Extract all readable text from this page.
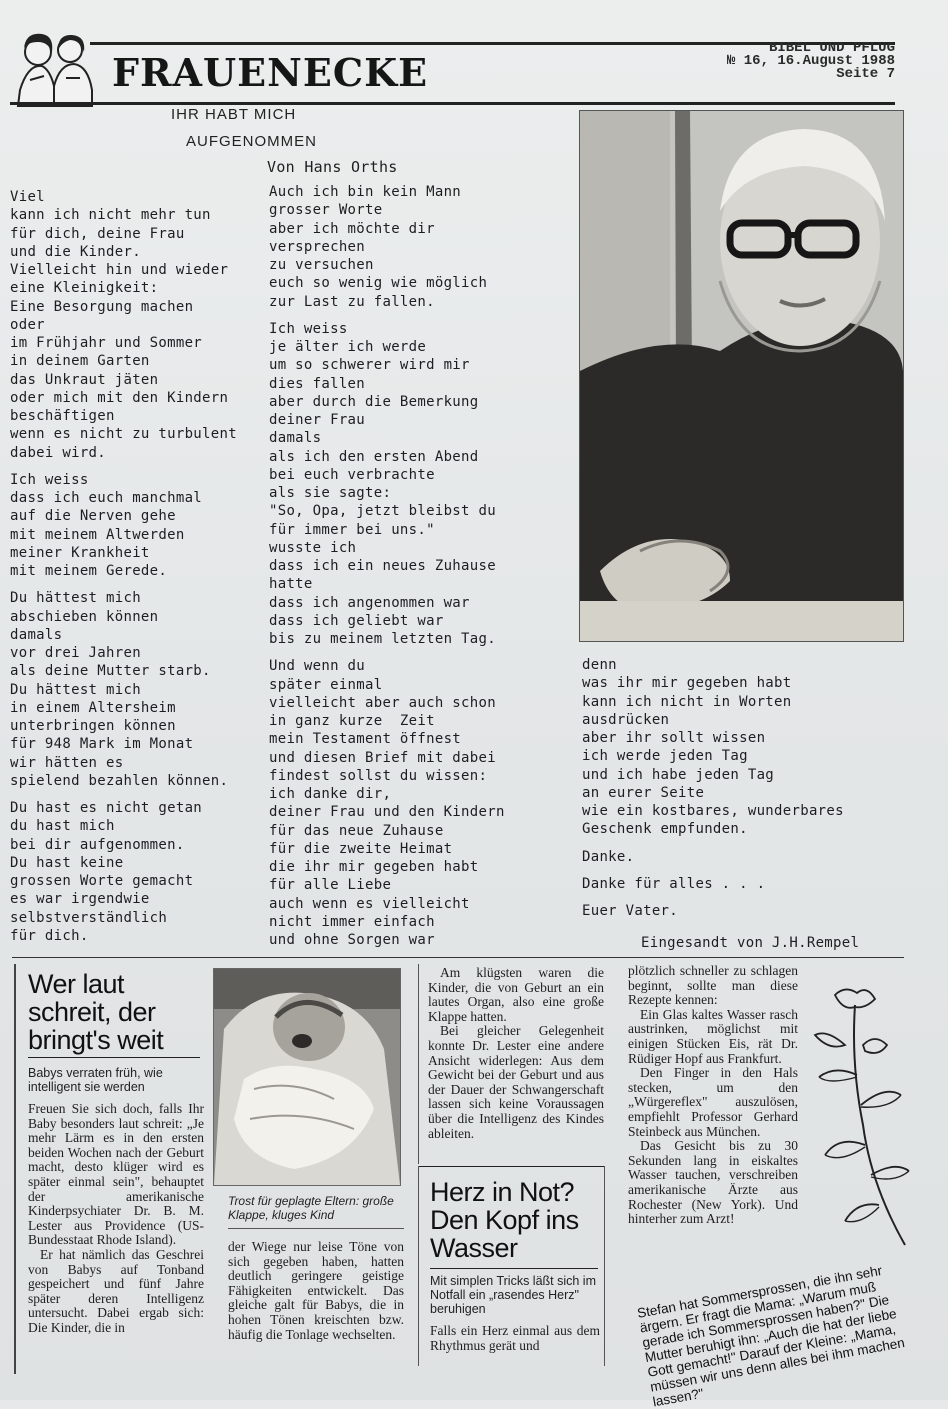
FRAUENECKE
BIBEL UND PFLUG
№ 16, 16.August 1988
Seite 7
IHR HABT MICH
AUFGENOMMEN
Von Hans Orths
Viel
kann ich nicht mehr tun
für dich, deine Frau
und die Kinder.
Vielleicht hin und wieder
eine Kleinigkeit:
Eine Besorgung machen
oder
im Frühjahr und Sommer
in deinem Garten
das Unkraut jäten
oder mich mit den Kindern
beschäftigen
wenn es nicht zu turbulent
dabei wird.
Ich weiss
dass ich euch manchmal
auf die Nerven gehe
mit meinem Altwerden
meiner Krankheit
mit meinem Gerede.
Du hättest mich
abschieben können
damals
vor drei Jahren
als deine Mutter starb.
Du hättest mich
in einem Altersheim
unterbringen können
für 948 Mark im Monat
wir hätten es
spielend bezahlen können.
Du hast es nicht getan
du hast mich
bei dir aufgenommen.
Du hast keine
grossen Worte gemacht
es war irgendwie
selbstverständlich
für dich.
Auch ich bin kein Mann
grosser Worte
aber ich möchte dir
versprechen
zu versuchen
euch so wenig wie möglich
zur Last zu fallen.
Ich weiss
je älter ich werde
um so schwerer wird mir
dies fallen
aber durch die Bemerkung
deiner Frau
damals
als ich den ersten Abend
bei euch verbrachte
als sie sagte:
"So, Opa, jetzt bleibst du
für immer bei uns."
wusste ich
dass ich ein neues Zuhause
hatte
dass ich angenommen war
dass ich geliebt war
bis zu meinem letzten Tag.
Und wenn du
später einmal
vielleicht aber auch schon
in ganz kurze  Zeit
mein Testament öffnest
und diesen Brief mit dabei
findest sollst du wissen:
ich danke dir,
deiner Frau und den Kindern
für das neue Zuhause
für die zweite Heimat
die ihr mir gegeben habt
für alle Liebe
auch wenn es vielleicht
nicht immer einfach
und ohne Sorgen war
denn
was ihr mir gegeben habt
kann ich nicht in Worten
ausdrücken
aber ihr sollt wissen
ich werde jeden Tag
und ich habe jeden Tag
an eurer Seite
wie ein kostbares, wunderbares
Geschenk empfunden.
Danke.
Danke für alles . . .
Euer Vater.
Eingesandt von J.H.Rempel
Wer laut schreit, der bringt's weit
Babys verraten früh, wie intelligent sie werden

Freuen Sie sich doch, falls Ihr Baby besonders laut schreit: „Je mehr Lärm es in den ersten beiden Wochen nach der Geburt macht, desto klüger wird es später einmal sein", behauptet der amerikanische Kinderpsychiater Dr. B. M. Lester aus Providence (US-Bundesstaat Rhode Island).

Er hat nämlich das Geschrei von Babys auf Tonband gespeichert und fünf Jahre später deren Intelligenz untersucht. Dabei ergab sich: Die Kinder, die in

Trost für geplagte Eltern: große Klappe, kluges Kind

der Wiege nur leise Töne von sich gegeben haben, hatten deutlich geringere geistige Fähigkeiten entwickelt. Das gleiche galt für Babys, die in hohen Tönen kreischten bzw. häufig die Tonlage wechselten.

Am klügsten waren die Kinder, die von Geburt an ein lautes Organ, also eine große Klappe hatten.

Bei gleicher Gelegenheit konnte Dr. Lester eine andere Ansicht widerlegen: Aus dem Gewicht bei der Geburt und aus der Dauer der Schwangerschaft lassen sich keine Voraussagen über die Intelligenz des Kindes ableiten.

Herz in Not? Den Kopf ins Wasser
Mit simplen Tricks läßt sich im Notfall ein „rasendes Herz" beruhigen

Falls ein Herz einmal aus dem Rhythmus gerät und

plötzlich schneller zu schlagen beginnt, sollte man diese Rezepte kennen:

Ein Glas kaltes Wasser rasch austrinken, möglichst mit einigen Stücken Eis, rät Dr. Rüdiger Hopf aus Frankfurt.

Den Finger in den Hals stecken, um den „Würgereflex" auszulösen, empfiehlt Professor Gerhard Steinbeck aus München.

Das Gesicht bis zu 30 Sekunden lang in eiskaltes Wasser tauchen, verschreiben amerikanische Ärzte aus Rochester (New York). Und hinterher zum Arzt!

Stefan hat Sommersprossen, die ihn sehr ärgern. Er fragt die Mama: „Warum muß gerade ich Sommersprossen haben?" Die Mutter beruhigt ihn: „Auch die hat der liebe Gott gemacht!" Darauf der Kleine: „Mama, müssen wir uns denn alles bei ihm machen lassen?"
